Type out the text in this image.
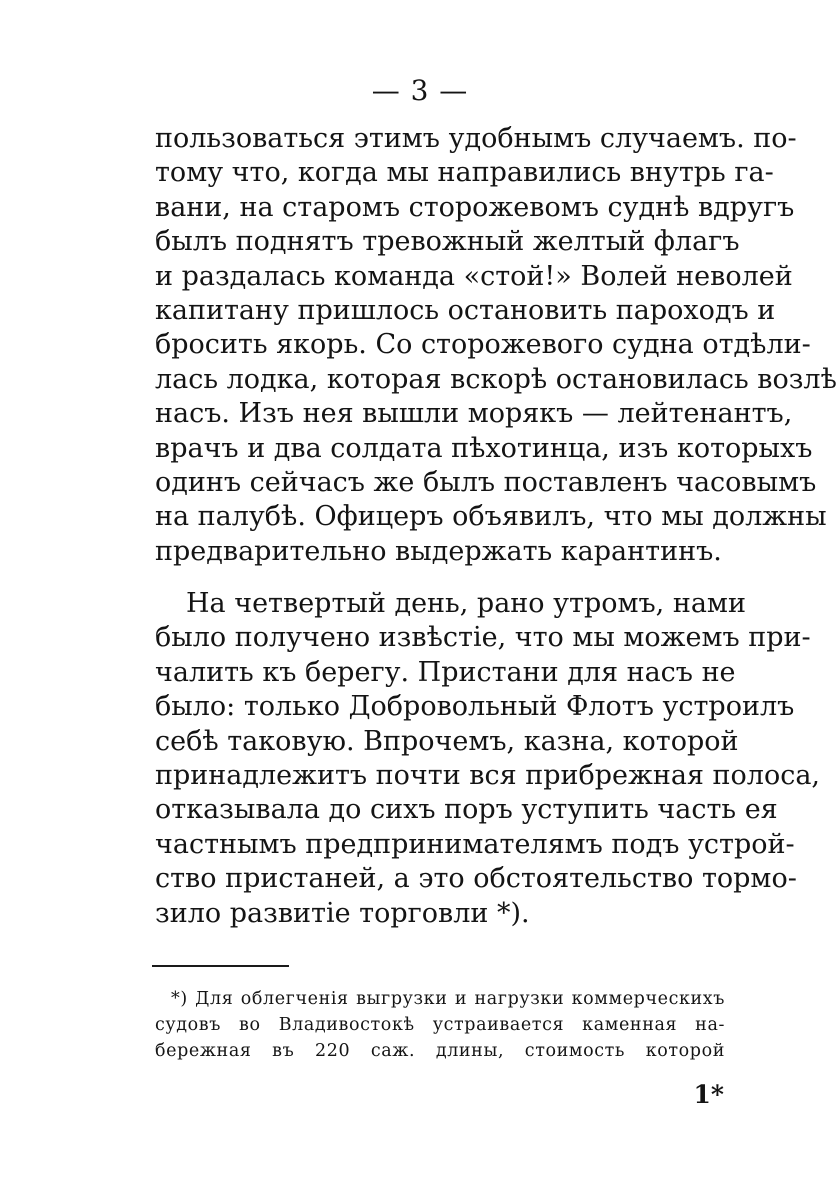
— 3 —
пользоваться этимъ удобнымъ случаемъ. по-
тому что, когда мы направились внутрь га-
вани, на старомъ сторожевомъ суднѣ вдругъ
былъ поднятъ тревожный желтый флагъ
и раздалась команда «стой!» Волей неволей
капитану пришлось остановить пароходъ и
бросить якорь. Со сторожевого судна отдѣли-
лась лодка, которая вскорѣ остановилась возлѣ
насъ. Изъ нея вышли морякъ — лейтенантъ,
врачъ и два солдата пѣхотинца, изъ которыхъ
одинъ сейчасъ же былъ поставленъ часовымъ
на палубѣ. Офицеръ объявилъ, что мы должны
предварительно выдержать карантинъ.
На четвертый день, рано утромъ, нами
было получено извѣстіе, что мы можемъ при-
чалить къ берегу. Пристани для насъ не
было: только Добровольный Флотъ устроилъ
себѣ таковую. Впрочемъ, казна, которой
принадлежитъ почти вся прибрежная полоса,
отказывала до сихъ поръ уступить часть ея
частнымъ предпринимателямъ подъ устрой-
ство пристаней, а это обстоятельство тормо-
зило развитіе торговли *).
*) Для облегченія выгрузки и нагрузки коммерческихъ
судовъ во Владивостокѣ устраивается каменная на-
бережная въ 220 саж. длины, стоимость которой
1*
